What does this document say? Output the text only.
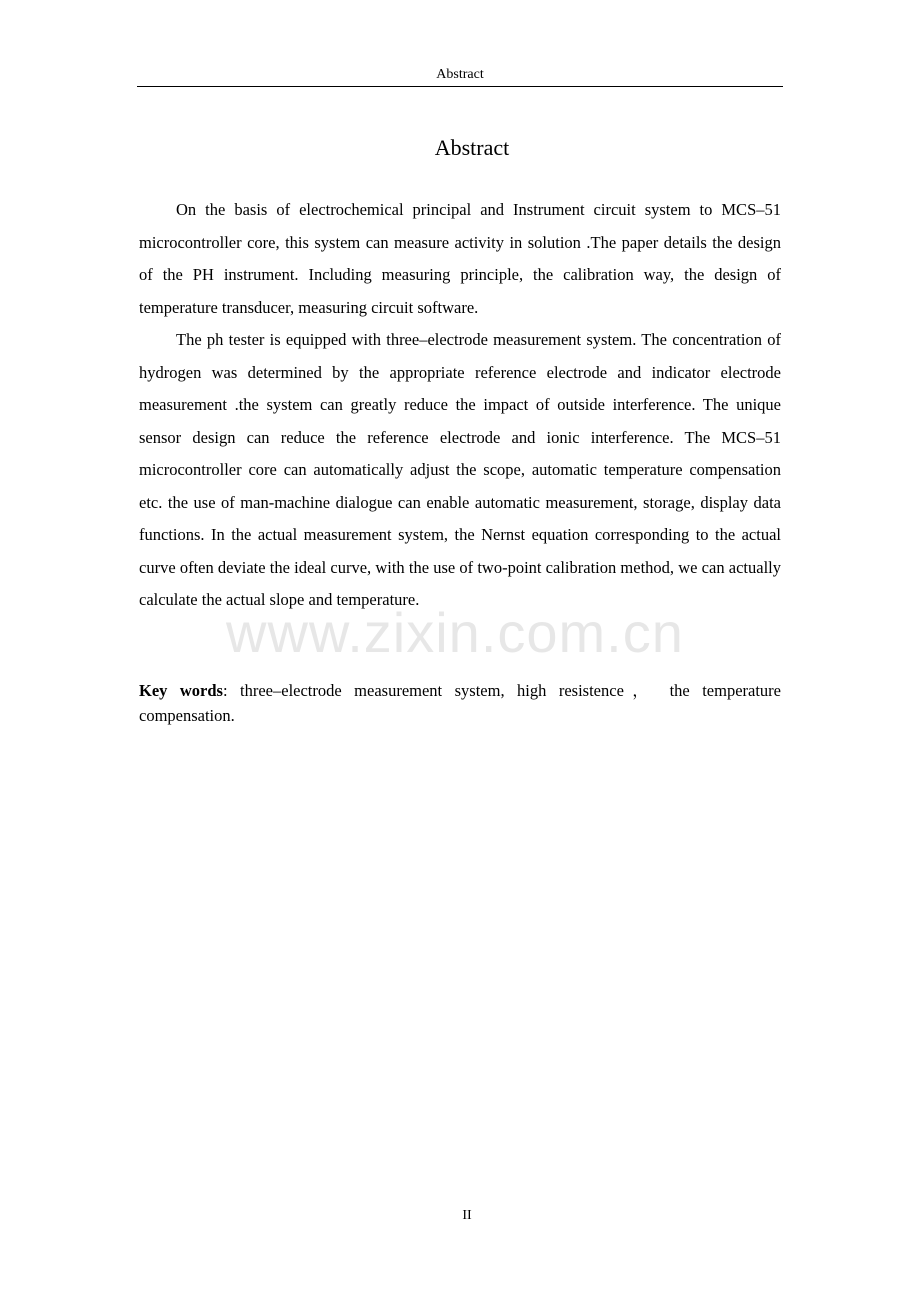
Abstract
Abstract

On the basis of electrochemical principal and Instrument circuit system to MCS–51 microcontroller core, this system can measure activity in solution .The paper details the design of the PH instrument. Including measuring principle, the calibration way, the design of temperature transducer, measuring circuit software.

The ph tester is equipped with three–electrode measurement system. The concentration of hydrogen was determined by the appropriate reference electrode and indicator electrode measurement .the system can greatly reduce the impact of outside interference. The unique sensor design can reduce the reference electrode and ionic interference. The MCS–51 microcontroller core can automatically adjust the scope, automatic temperature compensation etc. the use of man-machine dialogue can enable automatic measurement, storage, display data functions. In the actual measurement system, the Nernst equation corresponding to the actual curve often deviate the ideal curve, with the use of two-point calibration method, we can actually calculate the actual slope and temperature.

www.zixin.com.cn

Key words: three–electrode measurement system, high resistence， the temperature compensation.

II
